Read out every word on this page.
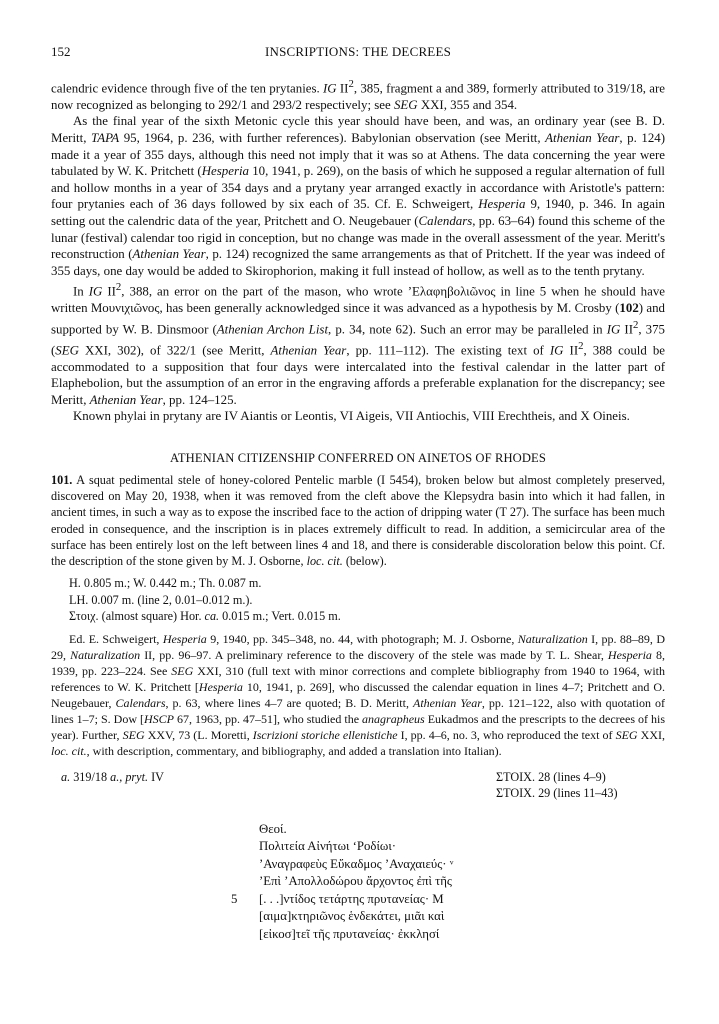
152	INSCRIPTIONS: THE DECREES

calendric evidence through five of the ten prytanies. IG $II^2$, 385, fragment a and 389, formerly attributed to 319/18, are now recognized as belonging to 292/1 and 293/2 respectively; see SEG XXI, 355 and 354.

As the final year of the sixth Metonic cycle this year should have been, and was, an ordinary year (see B. D. Meritt, TAPA 95, 1964, p. 236, with further references). Babylonian observation (see Meritt, Athenian Year, p. 124) made it a year of 355 days, although this need not imply that it was so at Athens. The data concerning the year were tabulated by W. K. Pritchett (Hesperia 10, 1941, p. 269), on the basis of which he supposed a regular alternation of full and hollow months in a year of 354 days and a prytany year arranged exactly in accordance with Aristotle's pattern: four prytanies each of 36 days followed by six each of 35. Cf. E. Schweigert, Hesperia 9, 1940, p. 346. In again setting out the calendric data of the year, Pritchett and O. Neugebauer (Calendars, pp. 63–64) found this scheme of the lunar (festival) calendar too rigid in conception, but no change was made in the overall assessment of the year. Meritt's reconstruction (Athenian Year, p. 124) recognized the same arrangements as that of Pritchett. If the year was indeed of 355 days, one day would be added to Skirophorion, making it full instead of hollow, as well as to the tenth prytany.

In IG $II^2$, 388, an error on the part of the mason, who wrote ’Ελαφηβολιῶνος in line 5 when he should have written Μουνιχιῶνος, has been generally acknowledged since it was advanced as a hypothesis by M. Crosby (102) and supported by W. B. Dinsmoor (Athenian Archon List, p. 34, note 62). Such an error may be paralleled in IG $II^2$, 375 (SEG XXI, 302), of 322/1 (see Meritt, Athenian Year, pp. 111–112). The existing text of IG $II^2$, 388 could be accommodated to a supposition that four days were intercalated into the festival calendar in the latter part of Elaphebolion, but the assumption of an error in the engraving affords a preferable explanation for the discrepancy; see Meritt, Athenian Year, pp. 124–125.

Known phylai in prytany are IV Aiantis or Leontis, VI Aigeis, VII Antiochis, VIII Erechtheis, and X Oineis.

ATHENIAN CITIZENSHIP CONFERRED ON AINETOS OF RHODES
101. A squat pedimental stele of honey-colored Pentelic marble (I 5454), broken below but almost completely preserved, discovered on May 20, 1938, when it was removed from the cleft above the Klepsydra basin into which it had fallen, in ancient times, in such a way as to expose the inscribed face to the action of dripping water (T 27). The surface has been much eroded in consequence, and the inscription is in places extremely difficult to read. In addition, a semicircular area of the surface has been entirely lost on the left between lines 4 and 18, and there is considerable discoloration below this point. Cf. the description of the stone given by M. J. Osborne, loc. cit. (below).
H. 0.805 m.; W. 0.442 m.; Th. 0.087 m.
LH. 0.007 m. (line 2, 0.01–0.012 m.).
Στοιχ. (almost square) Hor. ca. 0.015 m.; Vert. 0.015 m.
Ed. E. Schweigert, Hesperia 9, 1940, pp. 345–348, no. 44, with photograph; M. J. Osborne, Naturalization I, pp. 88–89, D 29, Naturalization II, pp. 96–97. A preliminary reference to the discovery of the stele was made by T. L. Shear, Hesperia 8, 1939, pp. 223–224. See SEG XXI, 310 (full text with minor corrections and complete bibliography from 1940 to 1964, with references to W. K. Pritchett [Hesperia 10, 1941, p. 269], who discussed the calendar equation in lines 4–7; Pritchett and O. Neugebauer, Calendars, p. 63, where lines 4–7 are quoted; B. D. Meritt, Athenian Year, pp. 121–122, also with quotation of lines 1–7; S. Dow [HSCP 67, 1963, pp. 47–51], who studied the anagrapheus Eukadmos and the prescripts to the decrees of his year). Further, SEG XXV, 73 (L. Moretti, Iscrizioni storiche ellenistiche I, pp. 4–6, no. 3, who reproduced the text of SEG XXI, loc. cit., with description, commentary, and bibliography, and added a translation into Italian).
a. 319/18 a., pryt. IV	ΣΤΟΙΧ. 28 (lines 4–9)
ΣΤΟΙΧ. 29 (lines 11–43)
Θεοί.
Πολιτεία Αἰνήτωι ‘Ροδίωι·
’Αναγραφεὺς Εὔκαδμος ’Αναχαιεύς· ᵛ
’Επὶ ’Απολλοδώρου ἄρχοντος ἐπὶ τῆς
5 [. . .]ντίδος τετάρτης πρυτανείας· Μ
[αιμα]κτηριῶνος ἑνδεκάτει, μιᾶι καὶ
[εἰκοσ]τεῖ τῆς πρυτανείας· ἐκκλησί
